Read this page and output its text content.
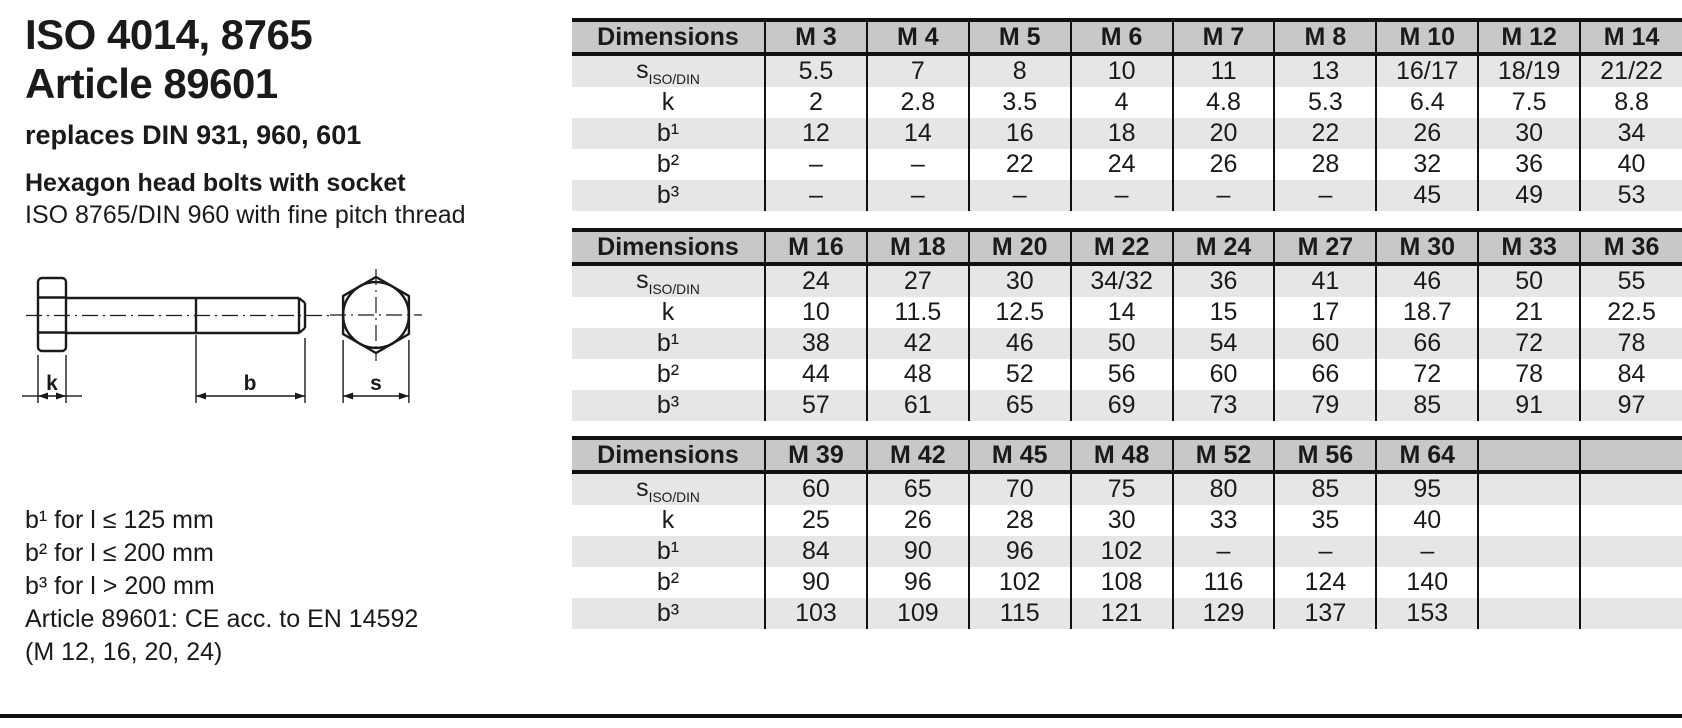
ISO 4014, 8765
Article 89601
replaces DIN 931, 960, 601
Hexagon head bolts with socket
ISO 8765/DIN 960 with fine pitch thread
k	b	s
b¹ for l ≤ 125 mm
b² for l ≤ 200 mm
b³ for l > 200 mm
Article 89601: CE acc. to EN 14592
(M 12, 16, 20, 24)
Dimensions	M 3	M 4	M 5	M 6	M 7	M 8	M 10	M 12	M 14
$s_{ISO/DIN}$	5.5	7	8	10	11	13	16/17	18/19	21/22
k	2	2.8	3.5	4	4.8	5.3	6.4	7.5	8.8
b¹	12	14	16	18	20	22	26	30	34
b²	–	–	22	24	26	28	32	36	40
b³	–	–	–	–	–	–	45	49	53
Dimensions	M 16	M 18	M 20	M 22	M 24	M 27	M 30	M 33	M 36
$s_{ISO/DIN}$	24	27	30	34/32	36	41	46	50	55
k	10	11.5	12.5	14	15	17	18.7	21	22.5
b¹	38	42	46	50	54	60	66	72	78
b²	44	48	52	56	60	66	72	78	84
b³	57	61	65	69	73	79	85	91	97
Dimensions	M 39	M 42	M 45	M 48	M 52	M 56	M 64		
$s_{ISO/DIN}$	60	65	70	75	80	85	95		
k	25	26	28	30	33	35	40		
b¹	84	90	96	102	–	–	–		
b²	90	96	102	108	116	124	140		
b³	103	109	115	121	129	137	153		
